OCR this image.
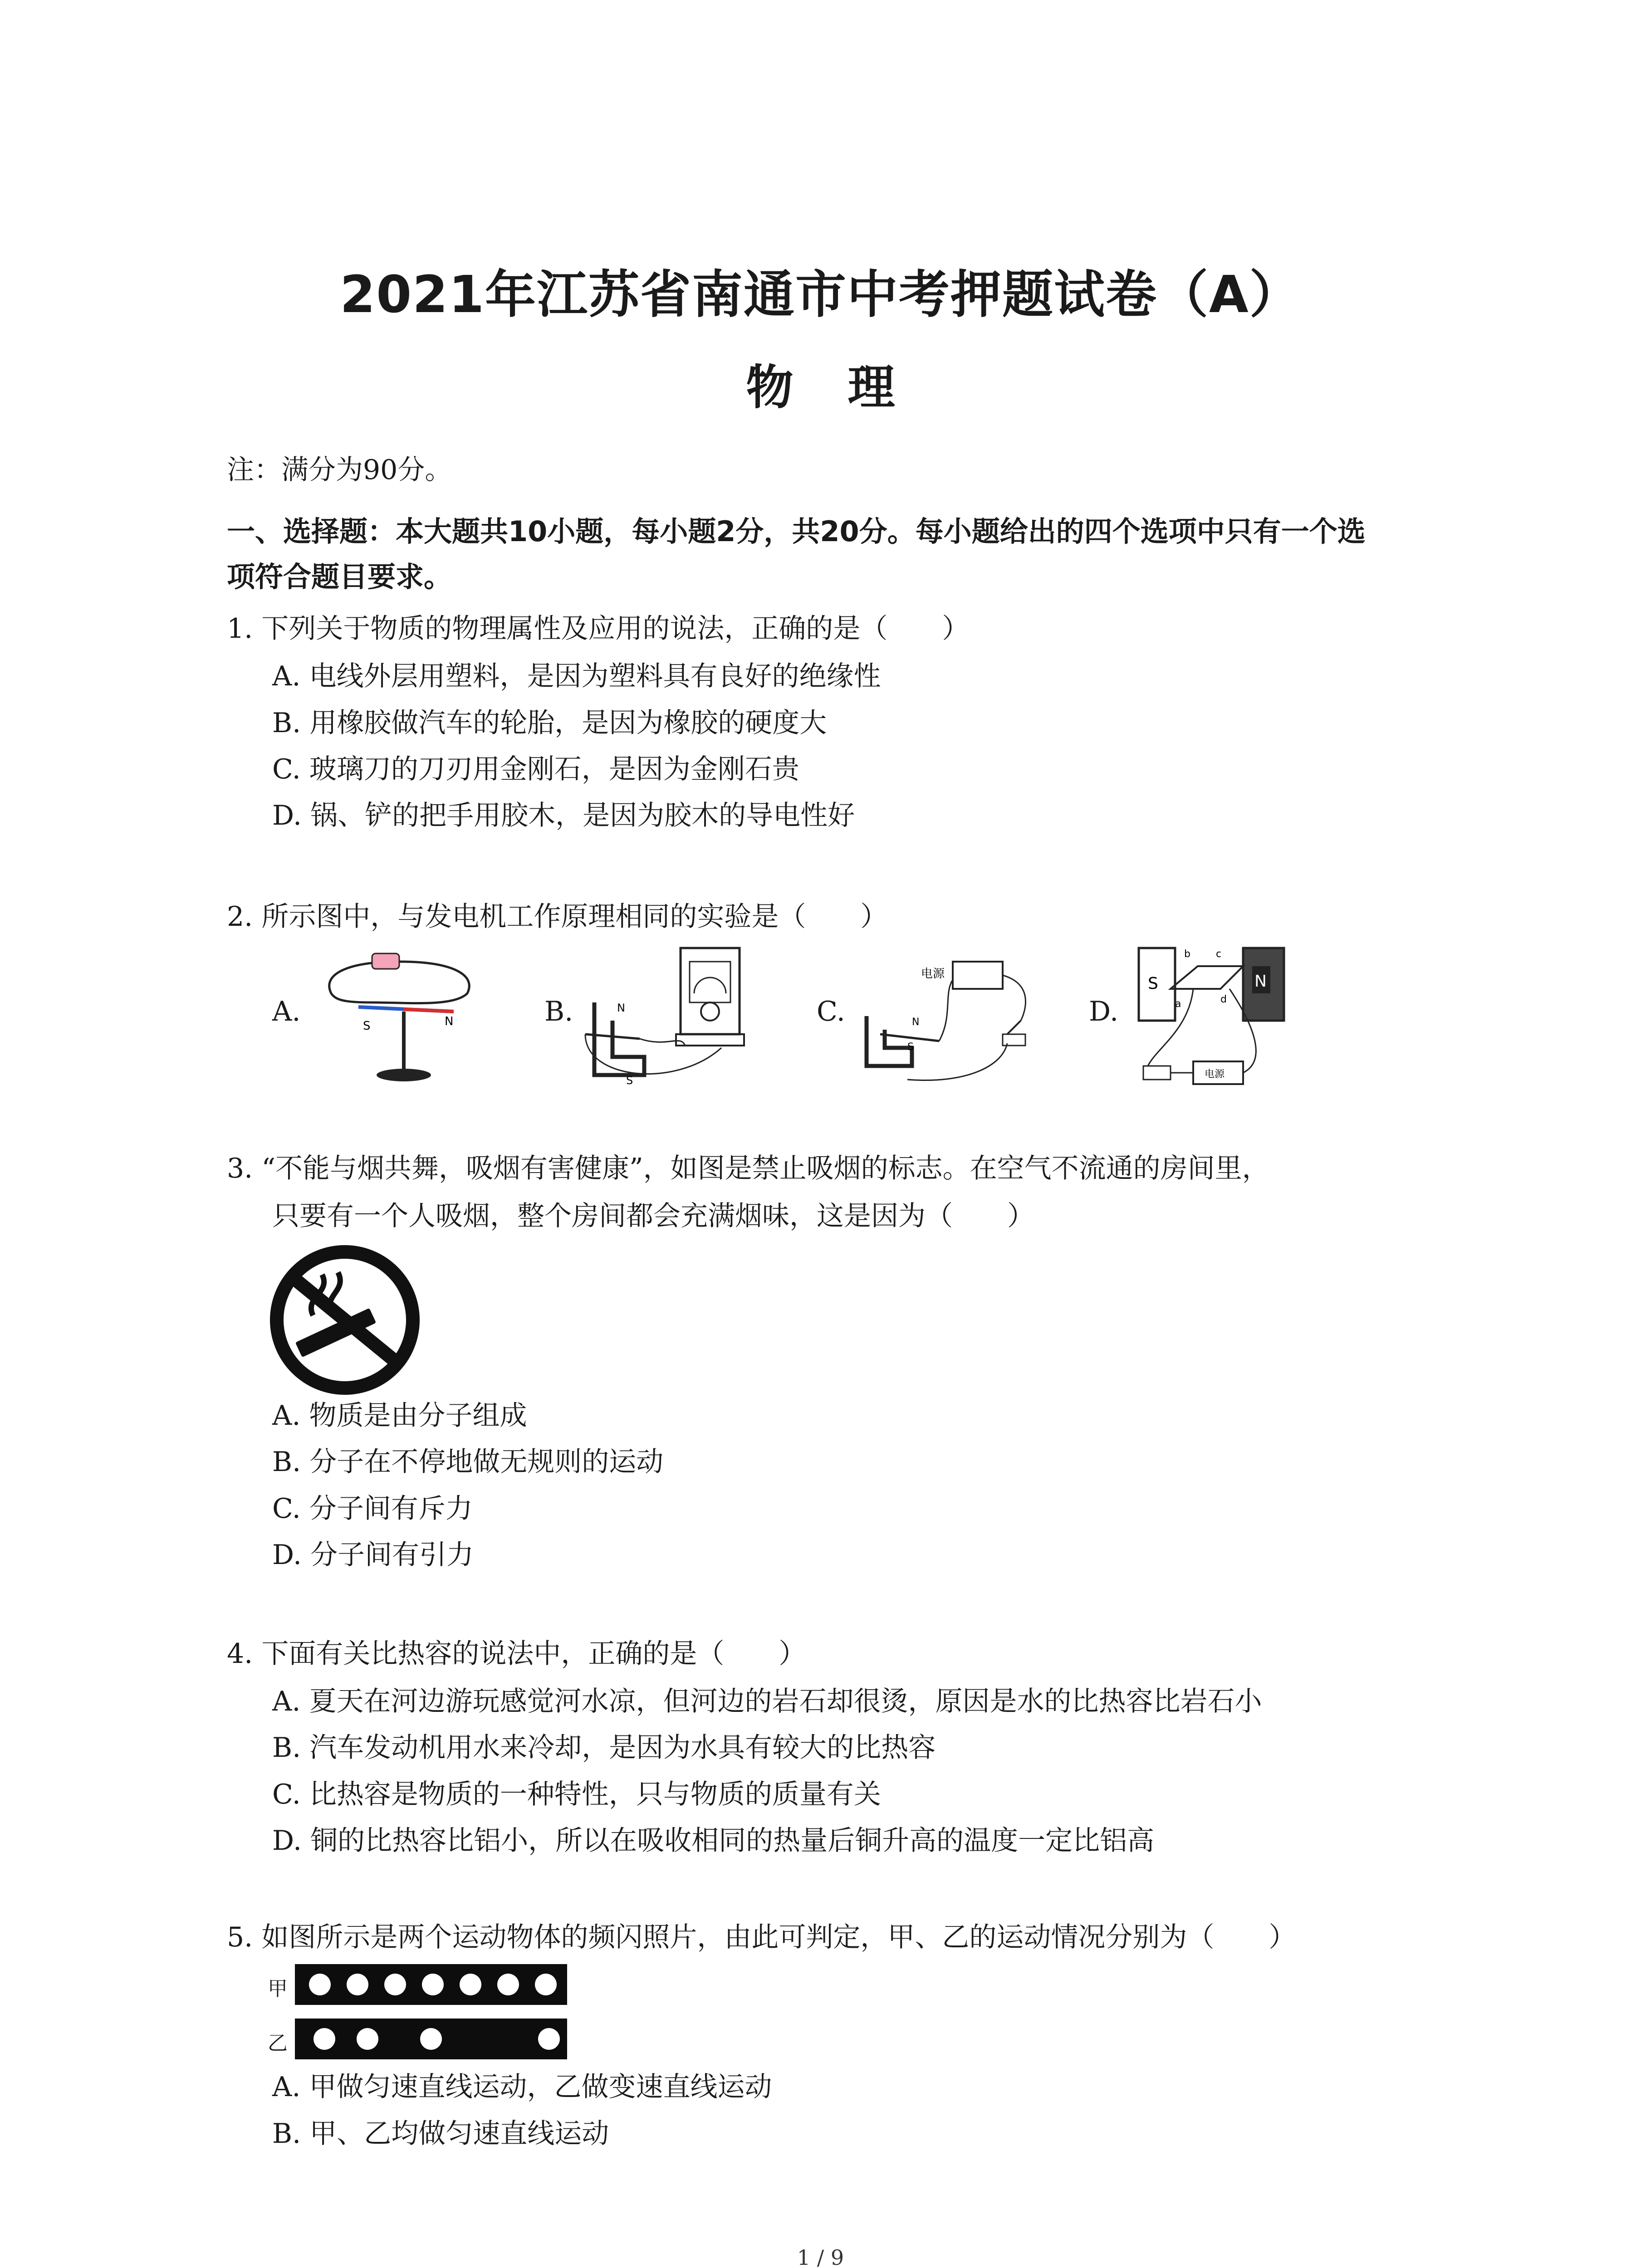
2021年江苏省南通市中考押题试卷（A）
物 理
注：满分为90分。
一、选择题：本大题共10小题，每小题2分，共20分。每小题给出的四个选项中只有一个选
项符合题目要求。
1. 下列关于物质的物理属性及应用的说法，正确的是（　　）
A. 电线外层用塑料，是因为塑料具有良好的绝缘性
B. 用橡胶做汽车的轮胎，是因为橡胶的硬度大
C. 玻璃刀的刀刃用金刚石，是因为金刚石贵
D. 锅、铲的把手用胶木，是因为胶木的导电性好
2. 所示图中，与发电机工作原理相同的实验是（　　）
A.	S	N	B.	N
S
C.
电源
N
S
D.
S	N
b	c
a	d
电源
3. “不能与烟共舞，吸烟有害健康”，如图是禁止吸烟的标志。在空气不流通的房间里，
只要有一个人吸烟，整个房间都会充满烟味，这是因为（　　）
A. 物质是由分子组成
B. 分子在不停地做无规则的运动
C. 分子间有斥力
D. 分子间有引力
4. 下面有关比热容的说法中，正确的是（　　）
A. 夏天在河边游玩感觉河水凉，但河边的岩石却很烫，原因是水的比热容比岩石小
B. 汽车发动机用水来冷却，是因为水具有较大的比热容
C. 比热容是物质的一种特性，只与物质的质量有关
D. 铜的比热容比铝小，所以在吸收相同的热量后铜升高的温度一定比铝高
5. 如图所示是两个运动物体的频闪照片，由此可判定，甲、乙的运动情况分别为（　　）
甲
乙
A. 甲做匀速直线运动，乙做变速直线运动
B. 甲、乙均做匀速直线运动
1 / 9
